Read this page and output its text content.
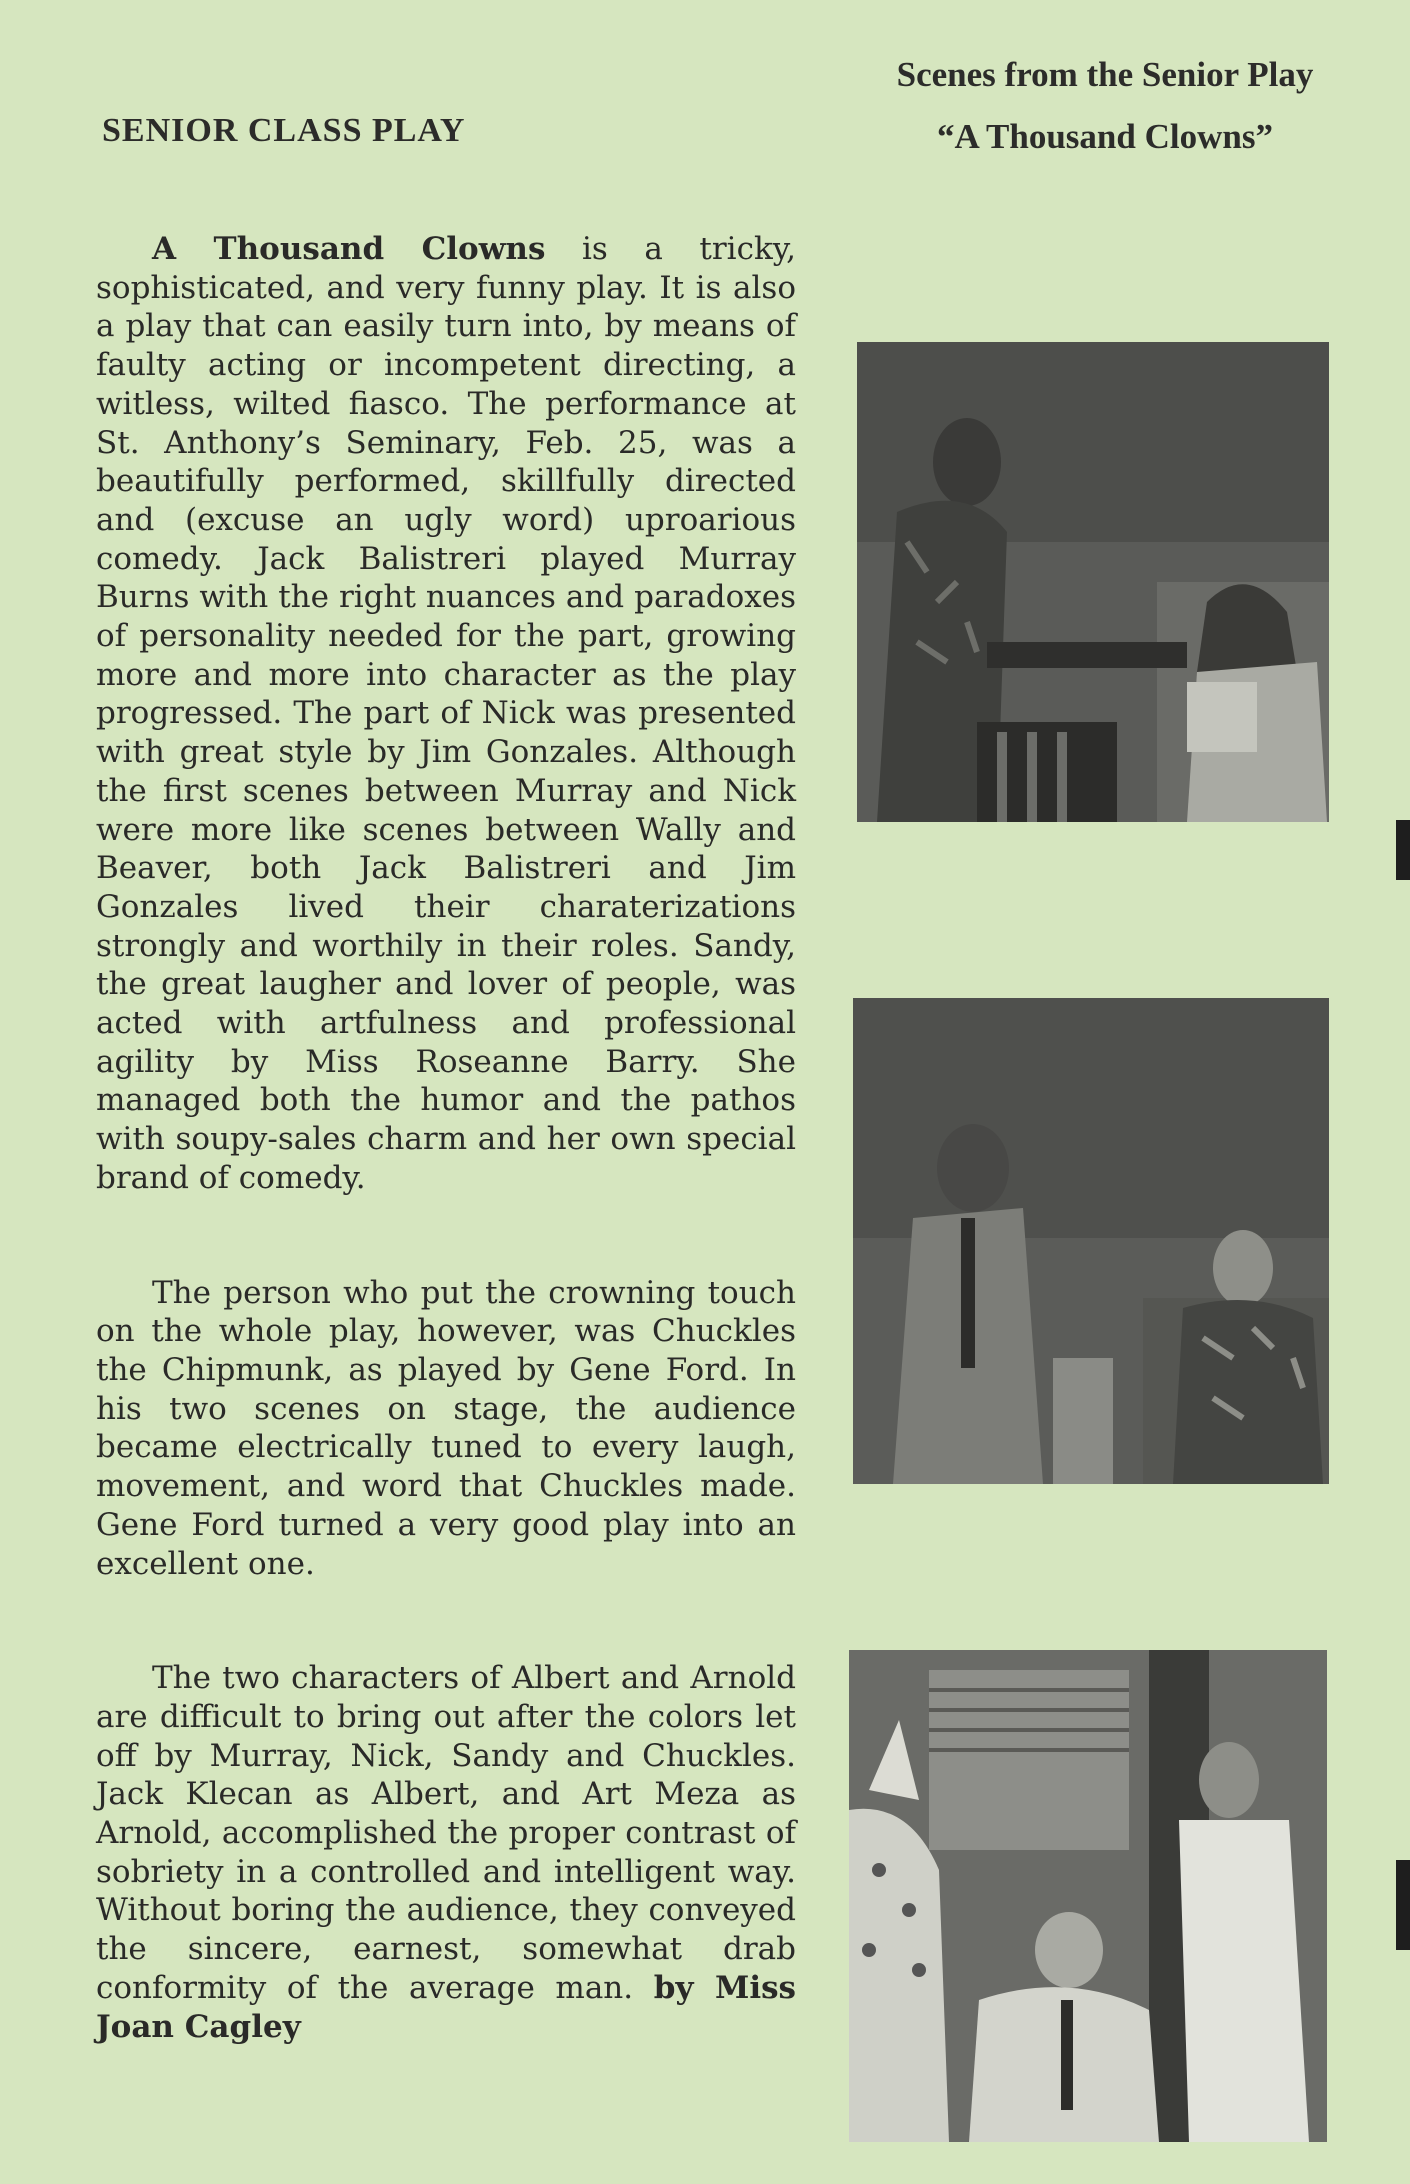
SENIOR CLASS PLAY
Scenes from the Senior Play
“A Thousand Clowns”

A Thousand Clowns is a tricky, sophisticated, and very funny play. It is also a play that can easily turn into, by means of faulty acting or incompetent directing, a witless, wilted fiasco. The performance at St. Anthony’s Seminary, Feb. 25, was a beautifully performed, skillfully directed and (excuse an ugly word) uproarious comedy. Jack Balistreri played Murray Burns with the right nuances and paradoxes of personality needed for the part, growing more and more into character as the play progressed. The part of Nick was presented with great style by Jim Gonzales. Although the first scenes between Murray and Nick were more like scenes between Wally and Beaver, both Jack Balistreri and Jim Gonzales lived their charaterizations strongly and worthily in their roles. Sandy, the great laugher and lover of people, was acted with artfulness and professional agility by Miss Roseanne Barry. She managed both the humor and the pathos with soupy-sales charm and her own special brand of comedy.

The person who put the crowning touch on the whole play, however, was Chuckles the Chipmunk, as played by Gene Ford. In his two scenes on stage, the audience became electrically tuned to every laugh, movement, and word that Chuckles made. Gene Ford turned a very good play into an excellent one.

The two characters of Albert and Arnold are difficult to bring out after the colors let off by Murray, Nick, Sandy and Chuckles. Jack Klecan as Albert, and Art Meza as Arnold, accomplished the proper contrast of sobriety in a controlled and intelligent way. Without boring the audience, they conveyed the sincere, earnest, somewhat drab conformity of the average man. by Miss Joan Cagley
